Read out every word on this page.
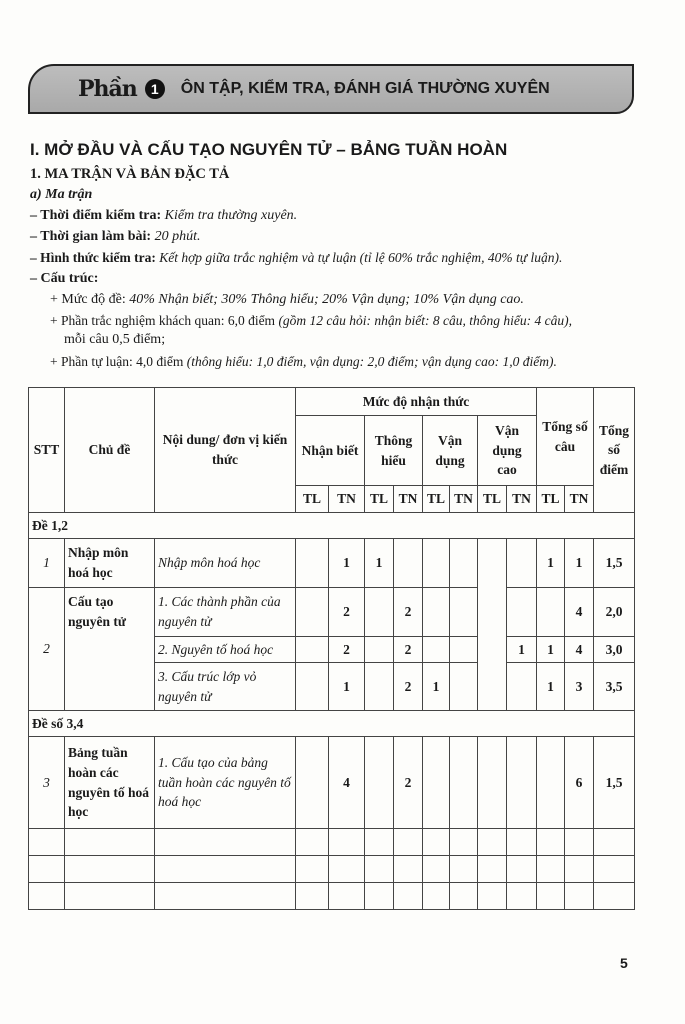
Phần	1	ÔN TẬP, KIỂM TRA, ĐÁNH GIÁ THƯỜNG XUYÊN
I. MỞ ĐẦU VÀ CẤU TẠO NGUYÊN TỬ – BẢNG TUẦN HOÀN
1. MA TRẬN VÀ BẢN ĐẶC TẢ
a) Ma trận
– Thời điểm kiểm tra: Kiểm tra thường xuyên.
– Thời gian làm bài: 20 phút.
– Hình thức kiểm tra: Kết hợp giữa trắc nghiệm và tự luận (tỉ lệ 60% trắc nghiệm, 40% tự luận).
– Cấu trúc:
+ Mức độ đề: 40% Nhận biết; 30% Thông hiểu; 20% Vận dụng; 10% Vận dụng cao.
+ Phần trắc nghiệm khách quan: 6,0 điểm (gồm 12 câu hỏi: nhận biết: 8 câu, thông hiểu: 4 câu),
mỗi câu 0,5 điểm;
+ Phần tự luận: 4,0 điểm (thông hiểu: 1,0 điểm, vận dụng: 2,0 điểm; vận dụng cao: 1,0 điểm).
STT	Chủ đề	Nội dung/ đơn vị kiến thức	Mức độ nhận thức								Tổng số câu		Tổng số điểm
			Nhận biết		Thông hiểu		Vận dụng		Vận dụng cao				
			TL	TN	TL	TN	TL	TN	TL	TN	TL	TN	
Đề 1,2													
1	Nhập môn hoá học	Nhập môn hoá học		1	1						1	1	1,5
2	Cấu tạo nguyên tử	1. Các thành phần của nguyên tử		2		2						4	2,0
		2. Nguyên tố hoá học		2		2				1	1	4	3,0
		3. Cấu trúc lớp vỏ nguyên tử		1		2	1				1	3	3,5
Đề số 3,4													
3	Bảng tuần hoàn các nguyên tố hoá học	1. Cấu tạo của bảng tuần hoàn các nguyên tố hoá học		4		2						6	1,5

5
